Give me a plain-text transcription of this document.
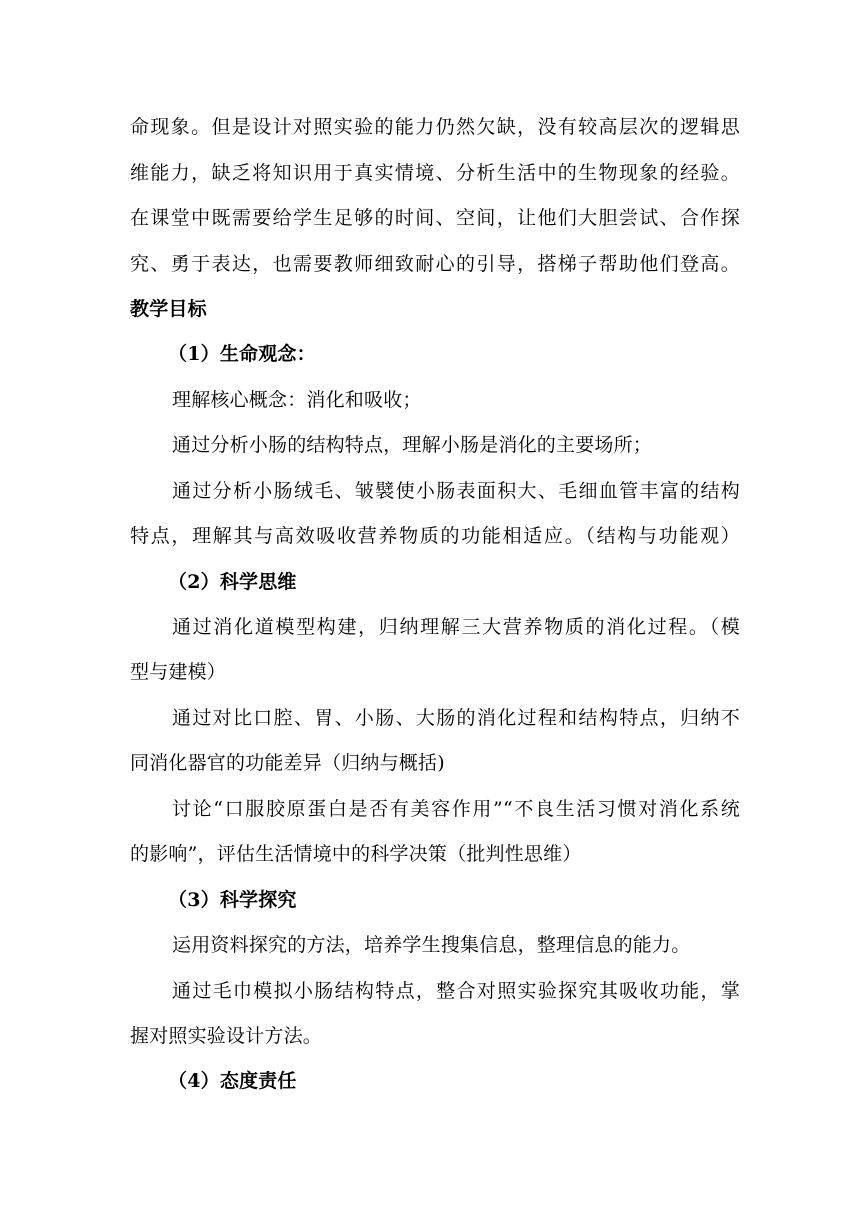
命现象。但是设计对照实验的能力仍然欠缺，没有较高层次的逻辑思
维能力，缺乏将知识用于真实情境、分析生活中的生物现象的经验。
在课堂中既需要给学生足够的时间、空间，让他们大胆尝试、合作探
究、勇于表达，也需要教师细致耐心的引导，搭梯子帮助他们登高。
教学目标
（1）生命观念：
理解核心概念：消化和吸收；
通过分析小肠的结构特点，理解小肠是消化的主要场所；
通过分析小肠绒毛、皱襞使小肠表面积大、毛细血管丰富的结构
特点，理解其与高效吸收营养物质的功能相适应。（结构与功能观）
（2）科学思维
通过消化道模型构建，归纳理解三大营养物质的消化过程。（模
型与建模）
通过对比口腔、胃、小肠、大肠的消化过程和结构特点，归纳不
同消化器官的功能差异（归纳与概括)
讨论“口服胶原蛋白是否有美容作用”“不良生活习惯对消化系统
的影响”，评估生活情境中的科学决策（批判性思维）
（3）科学探究
运用资料探究的方法，培养学生搜集信息，整理信息的能力。
通过毛巾模拟小肠结构特点，整合对照实验探究其吸收功能，掌
握对照实验设计方法。
（4）态度责任
